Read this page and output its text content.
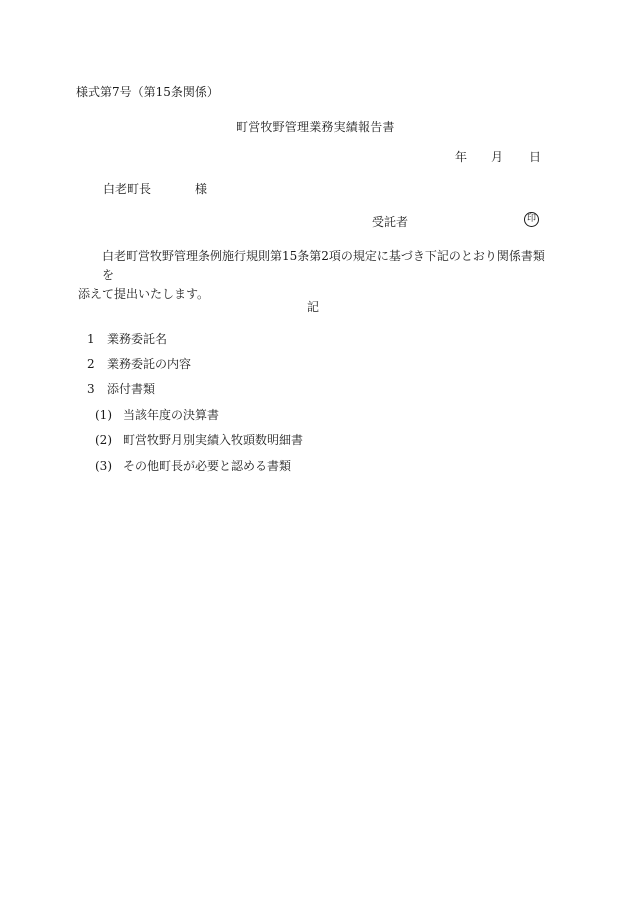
様式第7号（第15条関係）
町営牧野管理業務実績報告書
年 月 日
白老町長	様
受託者	印
白老町営牧野管理条例施行規則第15条第2項の規定に基づき下記のとおり関係書類を
添えて提出いたします。
記
1 業務委託名
2 業務委託の内容
3 添付書類
(1) 当該年度の決算書
(2) 町営牧野月別実績入牧頭数明細書
(3) その他町長が必要と認める書類
